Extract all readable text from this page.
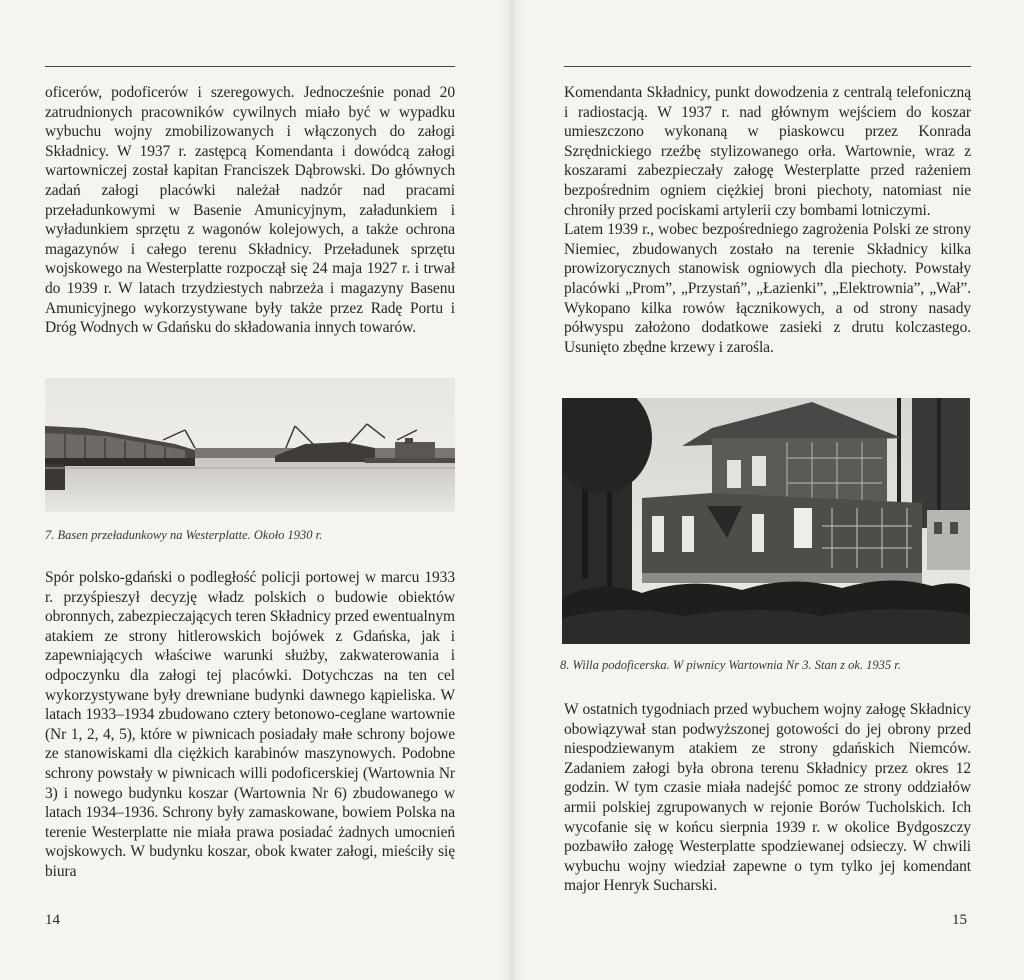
oficerów, podoficerów i szeregowych. Jednocześnie ponad 20 zatrudnionych pracowników cywilnych miało być w wypadku wybuchu wojny zmobilizowanych i włączonych do załogi Składnicy. W 1937 r. zastępcą Komendanta i dowódcą załogi wartowniczej został kapitan Franciszek Dąbrowski. Do głównych zadań załogi placówki należał nadzór nad pracami przeładunkowymi w Basenie Amunicyjnym, załadunkiem i wyładunkiem sprzętu z wagonów kolejowych, a także ochrona magazynów i całego terenu Składnicy. Przeładunek sprzętu wojskowego na Westerplatte rozpoczął się 24 maja 1927 r. i trwał do 1939 r. W latach trzydziestych nabrzeża i magazyny Basenu Amunicyjnego wykorzystywane były także przez Radę Portu i Dróg Wodnych w Gdańsku do składowania innych towarów.

7. Basen przeładunkowy na Westerplatte. Około 1930 r.

Spór polsko-gdański o podległość policji portowej w marcu 1933 r. przyśpieszył decyzję władz polskich o budowie obiektów obronnych, zabezpieczających teren Składnicy przed ewentualnym atakiem ze strony hitlerowskich bojówek z Gdańska, jak i zapewniających właściwe warunki służby, zakwaterowania i odpoczynku dla załogi tej placówki. Dotychczas na ten cel wykorzystywane były drewniane budynki dawnego kąpieliska. W latach 1933–1934 zbudowano cztery betonowo-ceglane wartownie (Nr 1, 2, 4, 5), które w piwnicach posiadały małe schrony bojowe ze stanowiskami dla ciężkich karabinów maszynowych. Podobne schrony powstały w piwnicach willi podoficerskiej (Wartownia Nr 3) i nowego budynku koszar (Wartownia Nr 6) zbudowanego w latach 1934–1936. Schrony były zamaskowane, bowiem Polska na terenie Westerplatte nie miała prawa posiadać żadnych umocnień wojskowych. W budynku koszar, obok kwater załogi, mieściły się biura

14

Komendanta Składnicy, punkt dowodzenia z centralą telefoniczną i radiostacją. W 1937 r. nad głównym wejściem do koszar umieszczono wykonaną w piaskowcu przez Konrada Szrędnickiego rzeźbę stylizowanego orła. Wartownie, wraz z koszarami zabezpieczały załogę Westerplatte przed rażeniem bezpośrednim ogniem ciężkiej broni piechoty, natomiast nie chroniły przed pociskami artylerii czy bombami lotniczymi.

Latem 1939 r., wobec bezpośredniego zagrożenia Polski ze strony Niemiec, zbudowanych zostało na terenie Składnicy kilka prowizorycznych stanowisk ogniowych dla piechoty. Powstały placówki „Prom”, „Przystań”, „Łazienki”, „Elektrownia”, „Wał”. Wykopano kilka rowów łącznikowych, a od strony nasady półwyspu założono dodatkowe zasieki z drutu kolczastego. Usunięto zbędne krzewy i zarośla.

8. Willa podoficerska. W piwnicy Wartownia Nr 3. Stan z ok. 1935 r.

W ostatnich tygodniach przed wybuchem wojny załogę Składnicy obowiązywał stan podwyższonej gotowości do jej obrony przed niespodziewanym atakiem ze strony gdańskich Niemców. Zadaniem załogi była obrona terenu Składnicy przez okres 12 godzin. W tym czasie miała nadejść pomoc ze strony oddziałów armii polskiej zgrupowanych w rejonie Borów Tucholskich. Ich wycofanie się w końcu sierpnia 1939 r. w okolice Bydgoszczy pozbawiło załogę Westerplatte spodziewanej odsieczy. W chwili wybuchu wojny wiedział zapewne o tym tylko jej komendant major Henryk Sucharski.

15
